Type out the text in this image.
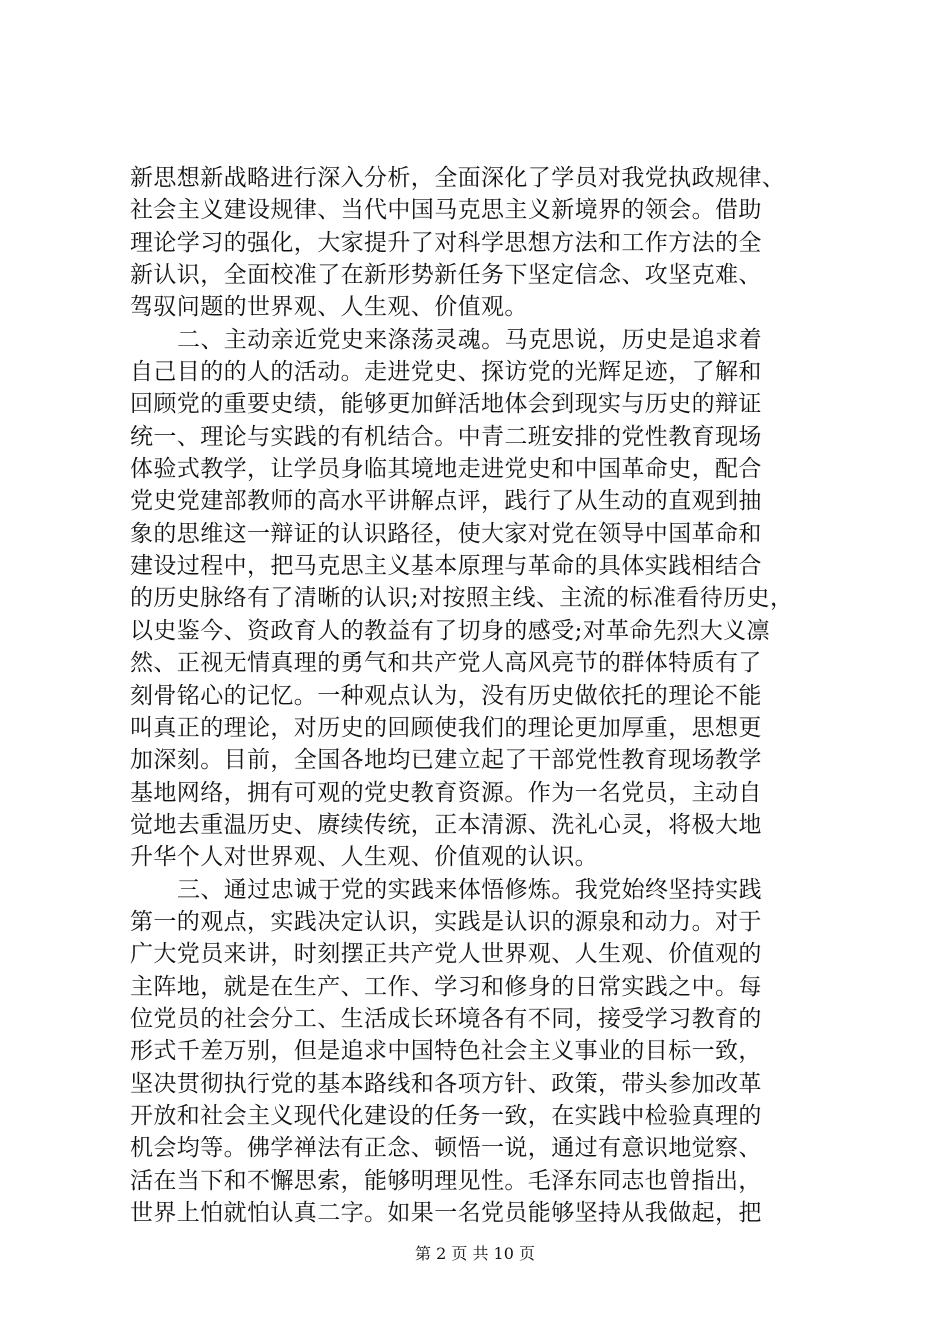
新思想新战略进行深入分析，全面深化了学员对我党执政规律、
社会主义建设规律、当代中国马克思主义新境界的领会。借助
理论学习的强化，大家提升了对科学思想方法和工作方法的全
新认识，全面校准了在新形势新任务下坚定信念、攻坚克难、
驾驭问题的世界观、人生观、价值观。
二、主动亲近党史来涤荡灵魂。马克思说，历史是追求着
自己目的的人的活动。走进党史、探访党的光辉足迹，了解和
回顾党的重要史绩，能够更加鲜活地体会到现实与历史的辩证
统一、理论与实践的有机结合。中青二班安排的党性教育现场
体验式教学，让学员身临其境地走进党史和中国革命史，配合
党史党建部教师的高水平讲解点评，践行了从生动的直观到抽
象的思维这一辩证的认识路径，使大家对党在领导中国革命和
建设过程中，把马克思主义基本原理与革命的具体实践相结合
的历史脉络有了清晰的认识;对按照主线、主流的标准看待历史，
以史鉴今、资政育人的教益有了切身的感受;对革命先烈大义凛
然、正视无情真理的勇气和共产党人高风亮节的群体特质有了
刻骨铭心的记忆。一种观点认为，没有历史做依托的理论不能
叫真正的理论，对历史的回顾使我们的理论更加厚重，思想更
加深刻。目前，全国各地均已建立起了干部党性教育现场教学
基地网络，拥有可观的党史教育资源。作为一名党员，主动自
觉地去重温历史、赓续传统，正本清源、洗礼心灵，将极大地
升华个人对世界观、人生观、价值观的认识。
三、通过忠诚于党的实践来体悟修炼。我党始终坚持实践
第一的观点，实践决定认识，实践是认识的源泉和动力。对于
广大党员来讲，时刻摆正共产党人世界观、人生观、价值观的
主阵地，就是在生产、工作、学习和修身的日常实践之中。每
位党员的社会分工、生活成长环境各有不同，接受学习教育的
形式千差万别，但是追求中国特色社会主义事业的目标一致，
坚决贯彻执行党的基本路线和各项方针、政策，带头参加改革
开放和社会主义现代化建设的任务一致，在实践中检验真理的
机会均等。佛学禅法有正念、顿悟一说，通过有意识地觉察、
活在当下和不懈思索，能够明理见性。毛泽东同志也曾指出，
世界上怕就怕认真二字。如果一名党员能够坚持从我做起，把
第 2 页 共 10 页
